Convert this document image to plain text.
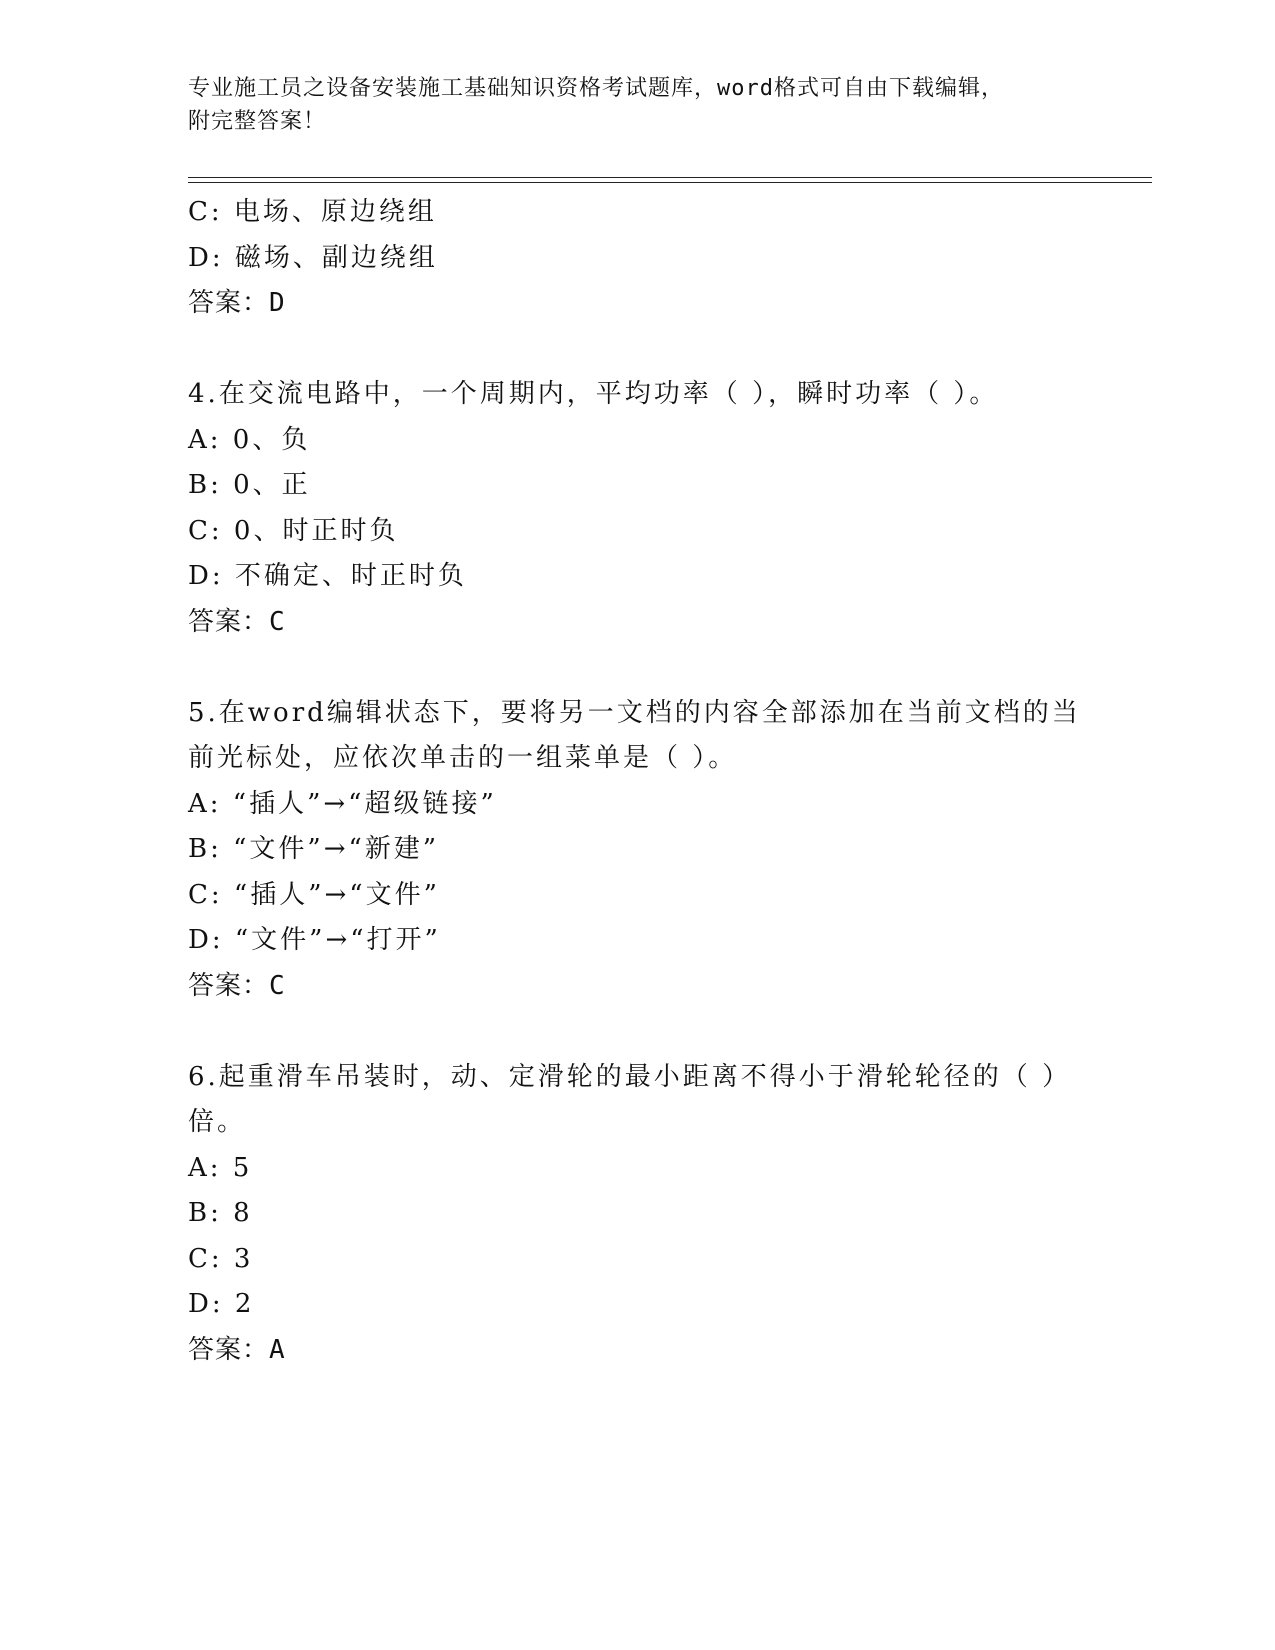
专业施工员之设备安装施工基础知识资格考试题库，word格式可自由下载编辑，
附完整答案！
C: 电场、原边绕组
D: 磁场、副边绕组
答案：D
4.在交流电路中，一个周期内，平均功率（ ），瞬时功率（ ）。
A: 0、负
B: 0、正
C: 0、时正时负
D: 不确定、时正时负
答案：C
5.在word编辑状态下，要将另一文档的内容全部添加在当前文档的当
前光标处，应依次单击的一组菜单是（ ）。
A: “插人”→“超级链接”
B: “文件”→“新建”
C: “插人”→“文件”
D: “文件”→“打开”
答案：C
6.起重滑车吊装时，动、定滑轮的最小距离不得小于滑轮轮径的（ ）
倍。
A: 5
B: 8
C: 3
D: 2
答案：A
